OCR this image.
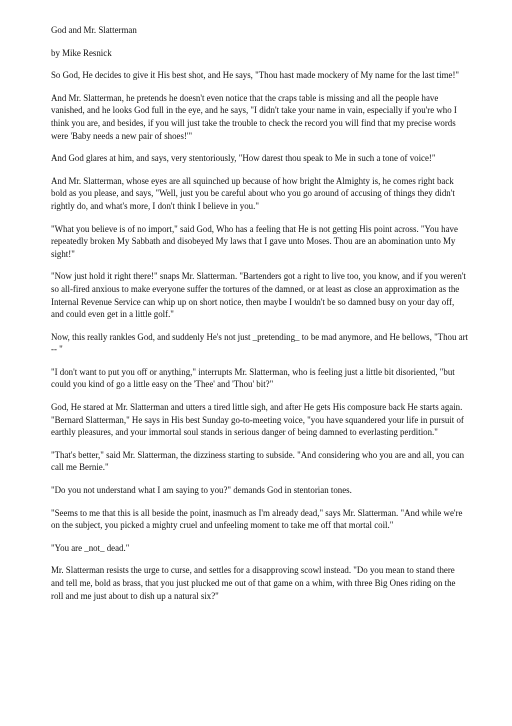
God and Mr. Slatterman

by Mike Resnick

So God, He decides to give it His best shot, and He says, "Thou hast made mockery of My name for the last time!"

And Mr. Slatterman, he pretends he doesn't even notice that the craps table is missing and all the people have vanished, and he looks God full in the eye, and he says, "I didn't take your name in vain, especially if you're who I think you are, and besides, if you will just take the trouble to check the record you will find that my precise words were 'Baby needs a new pair of shoes!'"

And God glares at him, and says, very stentoriously, "How darest thou speak to Me in such a tone of voice!"

And Mr. Slatterman, whose eyes are all squinched up because of how bright the Almighty is, he comes right back bold as you please, and says, "Well, just you be careful about who you go around of accusing of things they didn't rightly do, and what's more, I don't think I believe in you."

"What you believe is of no import," said God, Who has a feeling that He is not getting His point across. "You have repeatedly broken My Sabbath and disobeyed My laws that I gave unto Moses. Thou are an abomination unto My sight!"

"Now just hold it right there!" snaps Mr. Slatterman. "Bartenders got a right to live too, you know, and if you weren't so all-fired anxious to make everyone suffer the tortures of the damned, or at least as close an approximation as the Internal Revenue Service can whip up on short notice, then maybe I wouldn't be so damned busy on your day off, and could even get in a little golf."

Now, this really rankles God, and suddenly He's not just _pretending_ to be mad anymore, and He bellows, "Thou art -- "

"I don't want to put you off or anything," interrupts Mr. Slatterman, who is feeling just a little bit disoriented, "but could you kind of go a little easy on the 'Thee' and 'Thou' bit?"

God, He stared at Mr. Slatterman and utters a tired little sigh, and after He gets His composure back He starts again. "Bernard Slatterman," He says in His best Sunday go-to-meeting voice, "you have squandered your life in pursuit of earthly pleasures, and your immortal soul stands in serious danger of being damned to everlasting perdition."

"That's better," said Mr. Slatterman, the dizziness starting to subside. "And considering who you are and all, you can call me Bernie."

"Do you not understand what I am saying to you?" demands God in stentorian tones.

"Seems to me that this is all beside the point, inasmuch as I'm already dead," says Mr. Slatterman. "And while we're on the subject, you picked a mighty cruel and unfeeling moment to take me off that mortal coil."

"You are _not_ dead."

Mr. Slatterman resists the urge to curse, and settles for a disapproving scowl instead. "Do you mean to stand there and tell me, bold as brass, that you just plucked me out of that game on a whim, with three Big Ones riding on the roll and me just about to dish up a natural six?"
